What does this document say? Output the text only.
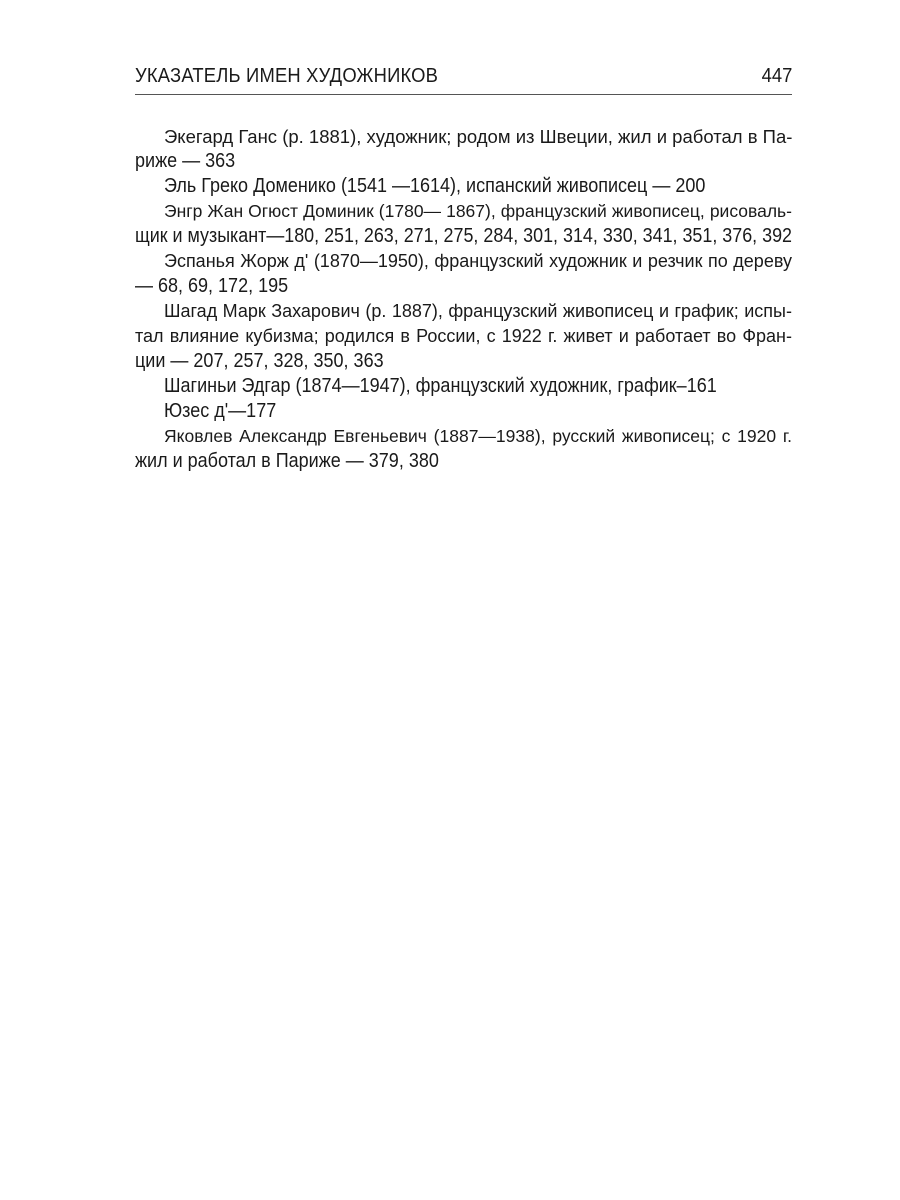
УКАЗАТЕЛЬ ИМЕН ХУДОЖНИКОВ	447
Экегард Ганс (р. 1881), художник; родом из Швеции, жил и работал в Па-
риже — 363
Эль Греко Доменико (1541 —1614), испанский живописец — 200
Энгр Жан Огюст Доминик (1780— 1867), французский живописец, рисоваль-
щик и музыкант—180, 251, 263, 271, 275, 284, 301, 314, 330, 341, 351, 376, 392
Эспанья Жорж д' (1870—1950), французский художник и резчик по дереву
— 68, 69, 172, 195
Шагад Марк Захарович (р. 1887), французский живописец и график; испы-
тал влияние кубизма; родился в России, с 1922 г. живет и работает во Фран-
ции — 207, 257, 328, 350, 363
Шагиньи Эдгар (1874—1947), французский художник, график–161
Юзес д'—177
Яковлев Александр Евгеньевич (1887—1938), русский живописец; с 1920 г.
жил и работал в Париже — 379, 380
